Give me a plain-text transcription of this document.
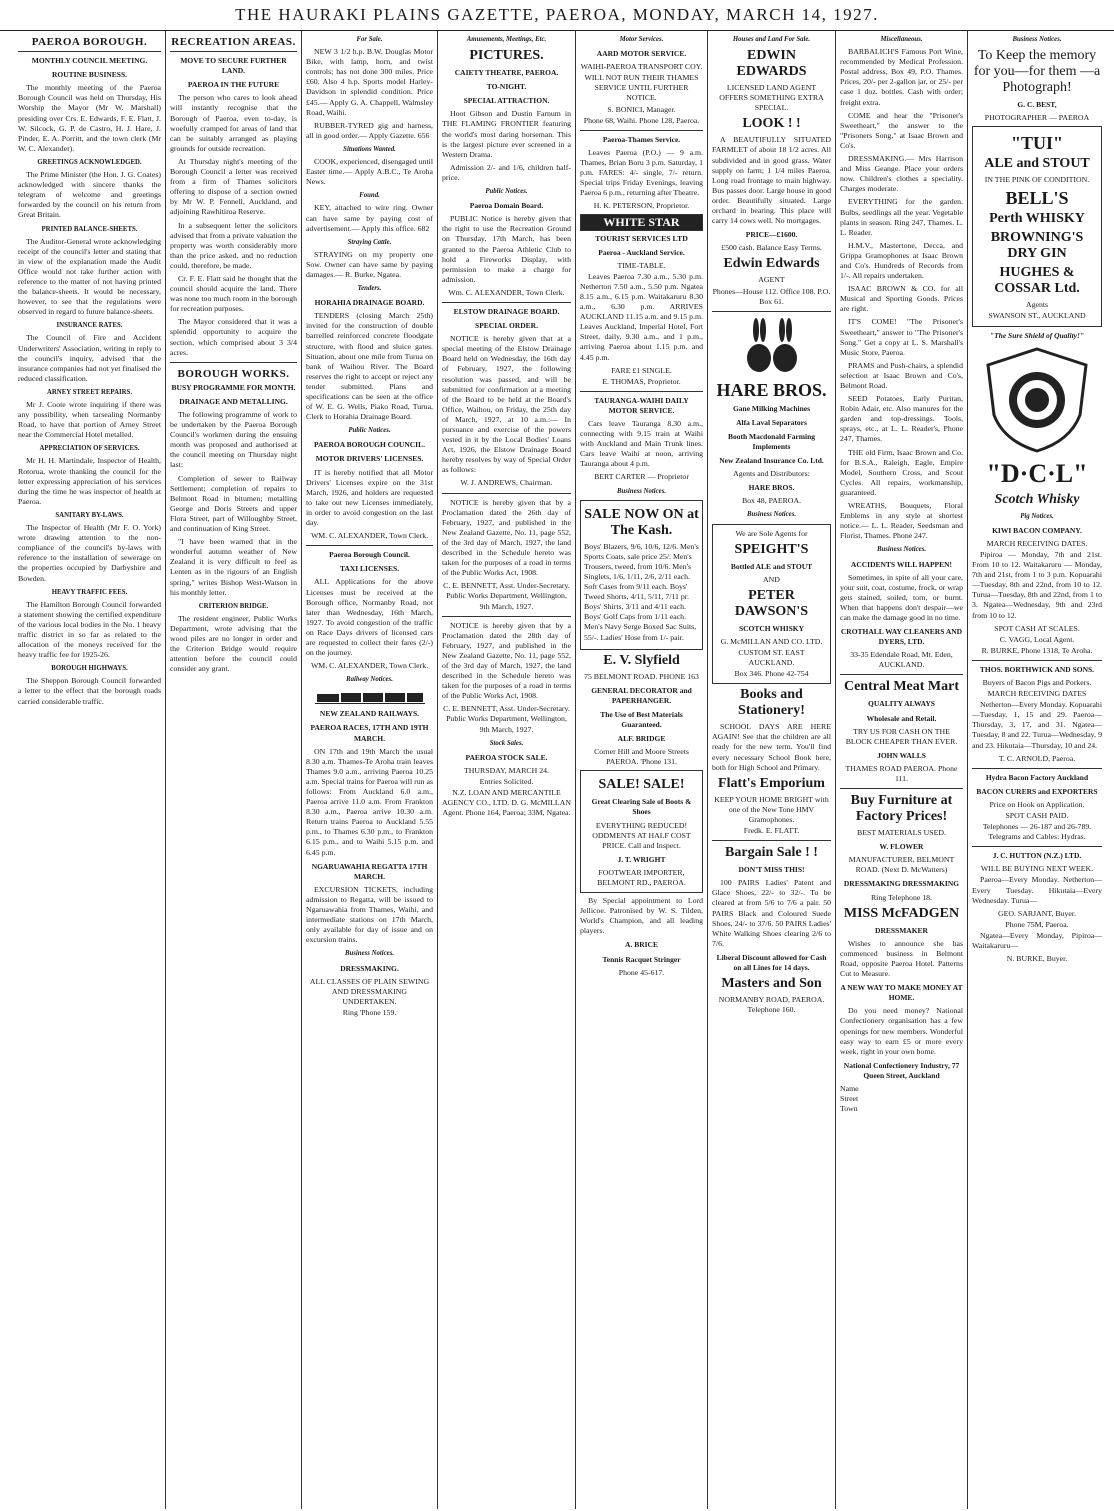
THE HAURAKI PLAINS GAZETTE, PAEROA, MONDAY, MARCH 14, 1927.
PAEROA BOROUGH.
MONTHLY COUNCIL MEETING.
ROUTINE BUSINESS.

The monthly meeting of the Paeroa Borough Council was held on Thursday, His Worship the Mayor (Mr W. Marshall) presiding over Crs. E. Edwards, F. E. Flatt, J. W. Silcock, G. P. de Castro, H. J. Hare, J. Pinder, E. A. Porritt, and the town clerk (Mr W. C. Alexander).

GREETINGS ACKNOWLEDGED.

The Prime Minister (the Hon. J. G. Coates) acknowledged with sincere thanks the telegram of welcome and greetings forwarded by the council on his return from Great Britain.

PRINTED BALANCE-SHEETS.

The Auditor-General wrote acknowledging receipt of the council's letter and stating that in view of the explanation made the Audit Office would not take further action with reference to the matter of not having printed the balance-sheets. It would be necessary, however, to see that the regulations were observed in regard to future balance-sheets.

INSURANCE RATES.

The Council of Fire and Accident Underwriters' Association, writing in reply to the council's inquiry, advised that the insurance companies had not yet finalised the reduced classification.

ARNEY STREET REPAIRS.

Mr J. Coote wrote inquiring if there was any possibility, when tarsealing Normanby Road, to have that portion of Arney Street near the Commercial Hotel metalled.

APPRECIATION OF SERVICES.

Mr H. H. Martindale, Inspector of Health, Rotorua, wrote thanking the council for the letter expressing appreciation of his services during the time he was inspector of health at Paeroa.

SANITARY BY-LAWS.

The Inspector of Health (Mr F. O. York) wrote drawing attention to the non-compliance of the council's by-laws with reference to the installation of sewerage on the properties occupied by Darbyshire and Bowden.

HEAVY TRAFFIC FEES.

The Hamilton Borough Council forwarded a statement showing the certified expenditure of the various local bodies in the No. 1 heavy traffic district in so far as related to the allocation of the moneys received for the heavy traffic fee for 1925-26.

BOROUGH HIGHWAYS.

The Sheppon Borough Council forwarded a letter to the effect that the borough roads carried considerable traffic.

RECREATION AREAS.
MOVE TO SECURE FURTHER LAND.
PAEROA IN THE FUTURE

The person who cares to look ahead will instantly recognise that the Borough of Paeroa, even to-day, is woefully cramped for areas of land that can be suitably arranged as playing grounds for outside recreation.

At Thursday night's meeting of the Borough Council a letter was received from a firm of Thames solicitors offering to dispose of a section owned by Mr W. P. Fennell, Auckland, and adjoining Rawhitiroa Reserve.

In a subsequent letter the solicitors advised that from a private valuation the property was worth considerably more than the price asked, and no reduction could, therefore, be made.

Cr. F. E. Flatt said he thought that the council should acquire the land. There was none too much room in the borough for recreation purposes.

The Mayor considered that it was a splendid opportunity to acquire the section, which comprised about 3 3/4 acres.

BOROUGH WORKS.
BUSY PROGRAMME FOR MONTH.
DRAINAGE AND METALLING.

The following programme of work to be undertaken by the Paeroa Borough Council's workmen during the ensuing month was proposed and authorised at the council meeting on Thursday night last:

Completion of sewer to Railway Settlement; completion of repairs to Belmont Road in bitumen; metalling George and Doris Streets and upper Flora Street, part of Willoughby Street, and continuation of King Street.

"I have been warned that in the wonderful autumn weather of New Zealand it is very difficult to feel as Lenten as in the rigours of an English spring," writes Bishop West-Watson in his monthly letter.

CRITERION BRIDGE.

The resident engineer, Public Works Department, wrote advising that the wood piles are no longer in order and the Criterion Bridge would require attention before the council could consider any grant.

For Sale.

NEW 3 1/2 h.p. B.W. Douglas Motor Bike, with lamp, horn, and twist controls; has not done 300 miles. Price £60. Also 4 h.p. Sports model Harley-Davidson in splendid condition. Price £45.— Apply G. A. Chappell, Walmsley Road, Waihi.

RUBBER-TYRED gig and harness, all in good order.— Apply Gazette. 656

Situations Wanted.

COOK, experienced, disengaged until Easter time.— Apply A.B.C., Te Aroha News.

Found.

KEY, attached to wire ring. Owner can have same by paying cost of advertisement.— Apply this office. 682

Straying Cattle.

STRAYING on my property one Sow. Owner can have same by paying damages.— R. Burke, Ngatea.

Tenders.
HORAHIA DRAINAGE BOARD.

TENDERS (closing March 25th) invited for the construction of double barrelled reinforced concrete floodgate structure, with flood and sluice gates. Situation, about one mile from Turua on bank of Waihou River. The Board reserves the right to accept or reject any tender submitted. Plans and specifications can be seen at the office of W. E. G. Wells, Piako Road, Turua, Clerk to Horahia Drainage Board.

Public Notices.
PAEROA BOROUGH COUNCIL.
MOTOR DRIVERS' LICENSES.

IT is hereby notified that all Motor Drivers' Licenses expire on the 31st March, 1926, and holders are requested to take out new Licenses immediately, in order to avoid congestion on the last day.

WM. C. ALEXANDER, Town Clerk.
Paeroa Borough Council.
TAXI LICENSES.

ALL Applications for the above Licenses must be received at the Borough office, Normanby Road, not later than Wednesday, 16th March, 1927. To avoid congestion of the traffic on Race Days drivers of licensed cars are requested to collect their fares (2/-) on the journey.

WM. C. ALEXANDER, Town Clerk.
Railway Notices.
NEW ZEALAND RAILWAYS.
PAEROA RACES, 17TH AND 19TH MARCH.

ON 17th and 19th March the usual 8.30 a.m. Thames-Te Aroha train leaves Thames 9.0 a.m., arriving Paeroa 10.25 a.m. Special trains for Paeroa will run as follows: From Auckland 6.0 a.m., Paeroa arrive 11.0 a.m. From Frankton 8.30 a.m., Paeroa arrive 10.30 a.m. Return trains Paeroa to Auckland 5.55 p.m., to Thames 6.30 p.m., to Frankton 6.15 p.m., and to Waihi 5.15 p.m. and 6.45 p.m.

NGARUAWAHIA REGATTA 17TH MARCH.

EXCURSION TICKETS, including admission to Regatta, will be issued to Ngaruawahia from Thames, Waihi, and intermediate stations on 17th March, only available for day of issue and on excursion trains.

Business Notices.
DRESSMAKING.
ALL CLASSES OF PLAIN SEWING AND DRESSMAKING UNDERTAKEN.
Ring 'Phone 159.
Amusements, Meetings, Etc.
PICTURES.
CAIETY THEATRE, PAEROA.
TO-NIGHT.
SPECIAL ATTRACTION.

Hoot Gibson and Dustin Farnum in THE FLAMING FRONTIER featuring the world's most daring horseman. This is the largest picture ever screened in a Western Drama.

Admission 2/- and 1/6, children half-price.

Public Notices.
Paeroa Domain Board.

PUBLIC Notice is hereby given that the right to use the Recreation Ground on Thursday, 17th March, has been granted to the Paeroa Athletic Club to hold a Fireworks Display, with permission to make a charge for admission.

Wm. C. ALEXANDER, Town Clerk.
ELSTOW DRAINAGE BOARD.
SPECIAL ORDER.

NOTICE is hereby given that at a special meeting of the Elstow Drainage Board held on Wednesday, the 16th day of February, 1927, the following resolution was passed, and will be submitted for confirmation at a meeting of the Board to be held at the Board's Office, Waihou, on Friday, the 25th day of March, 1927, at 10 a.m.:— In pursuance and exercise of the powers vested in it by the Local Bodies' Loans Act, 1926, the Elstow Drainage Board hereby resolves by way of Special Order as follows:

W. J. ANDREWS, Chairman.

NOTICE is hereby given that by a Proclamation dated the 26th day of February, 1927, and published in the New Zealand Gazette, No. 11, page 552, of the 3rd day of March, 1927, the land described in the Schedule hereto was taken for the purposes of a road in terms of the Public Works Act, 1908.

C. E. BENNETT, Asst. Under-Secretary. Public Works Department, Wellington, 9th March, 1927.

NOTICE is hereby given that by a Proclamation dated the 28th day of February, 1927, and published in the New Zealand Gazette, No. 11, page 552, of the 3rd day of March, 1927, the land described in the Schedule hereto was taken for the purposes of a road in terms of the Public Works Act, 1908.

C. E. BENNETT, Asst. Under-Secretary. Public Works Department, Wellington, 9th March, 1927.
Stock Sales.
PAEROA STOCK SALE.
THURSDAY, MARCH 24.
Entries Solicited.
N.Z. LOAN AND MERCANTILE AGENCY CO., LTD. D. G. McMILLAN Agent. Phone 164, Paeroa; 33M, Ngatea.
Motor Services.
AARD MOTOR SERVICE.
WAIHI-PAEROA TRANSPORT COY.
WILL NOT RUN THEIR THAMES SERVICE UNTIL FURTHER NOTICE.
S. BONICI, Manager.
Phone 68, Waihi. Phone 128, Paeroa.
Paeroa-Thames Service.

Leaves Paeroa (P.O.) — 9 a.m. Thames, Brian Boru 3 p.m. Saturday, 1 p.m. FARES: 4/- single, 7/- return. Special trips Friday Evenings, leaving Paeroa 6 p.m., returning after Theatre.

H. K. PETERSON, Proprietor.
WHITE STAR
TOURIST SERVICES LTD
Paeroa - Auckland Service.
TIME-TABLE.

Leaves Paeroa 7.30 a.m., 5.30 p.m. Netherton 7.50 a.m., 5.50 p.m. Ngatea 8.15 a.m., 6.15 p.m. Waitakaruru 8.30 a.m., 6.30 p.m. ARRIVES AUCKLAND 11.15 a.m. and 9.15 p.m. Leaves Auckland, Imperial Hotel, Fort Street, daily, 9.30 a.m., and 1 p.m., arriving Paeroa about 1.15 p.m. and 4.45 p.m.

FARE £1 SINGLE.
E. THOMAS, Proprietor.
TAURANGA-WAIHI DAILY MOTOR SERVICE.

Cars leave Tauranga 8.30 a.m., connecting with 9.15 train at Waihi with Auckland and Main Trunk lines. Cars leave Waihi at noon, arriving Tauranga about 4 p.m.

BERT CARTER — Proprietor
Business Notices.
SALE NOW ON at The Kash.

Boys' Blazers, 9/6, 10/6, 12/6. Men's Sports Coats, sale price 25/. Men's Trousers, tweed, from 10/6. Men's Singlets, 1/6, 1/11, 2/6, 2/11 each. Soft Cases from 9/11 each. Boys' Tweed Shorts, 4/11, 5/11, 7/11 pr. Boys' Shirts, 3/11 and 4/11 each. Boys' Golf Caps from 1/11 each. Men's Navy Serge Boxed Sac Suits, 55/-. Ladies' Hose from 1/- pair.

E. V. Slyfield
75 BELMONT ROAD. PHONE 163
GENERAL DECORATOR and PAPERHANGER.
The Use of Best Materials Guaranteed.
ALF. BRIDGE
Corner Hill and Moore Streets PAEROA. 'Phone 131.
SALE! SALE!
Great Clearing Sale of Boots & Shoes
EVERYTHING REDUCED! ODDMENTS AT HALF COST PRICE. Call and Inspect.
J. T. WRIGHT
FOOTWEAR IMPORTER, BELMONT RD., PAEROA.

By Special appointment to Lord Jellicoe. Patronised by W. S. Tilden, World's Champion, and all leading players.

A. BRICE
Tennis Racquet Stringer
Phone 45-617.
Houses and Land For Sale.
EDWIN EDWARDS
LICENSED LAND AGENT OFFERS SOMETHING EXTRA SPECIAL.
LOOK ! !

A BEAUTIFULLY SITUATED FARMLET of about 18 1/2 acres. All subdivided and in good grass. Water supply on farm; 1 1/4 miles Paeroa. Long road frontage to main highway. Bus passes door. Large house in good order. Beautifully situated. Large orchard in bearing. This place will carry 14 cows well. No mortgages.

PRICE—£1600.
£500 cash. Balance Easy Terms.
Edwin Edwards
AGENT
Phones—House 112. Office 108. P.O. Box 61.
HARE BROS.
Gane Milking Machines
Alfa Laval Separators
Booth Macdonald Farming Implements
New Zealand Insurance Co. Ltd.
Agents and Distributors:
HARE BROS.
Box 48, PAEROA.
Business Notices.
We are Sole Agents for
SPEIGHT'S
Bottled ALE and STOUT
AND
PETER DAWSON'S
SCOTCH WHISKY
G. McMILLAN AND CO. LTD.
CUSTOM ST. EAST AUCKLAND.
Box 346. Phone 42-754
Books and Stationery!

SCHOOL DAYS ARE HERE AGAIN! See that the children are all ready for the new term. You'll find every necessary School Book here, both for High School and Primary.

Flatt's Emporium
KEEP YOUR HOME BRIGHT with one of the New Tone HMV Gramophones.
Fredk. E. FLATT.
Bargain Sale ! !
DON'T MISS THIS!

100 PAIRS Ladies' Patent and Glace Shoes, 22/- to 32/-. To be cleared at from 5/6 to 7/6 a pair. 50 PAIRS Black and Coloured Suede Shoes, 24/- to 37/6. 50 PAIRS Ladies' White Walking Shoes clearing 2/6 to 7/6.

Liberal Discount allowed for Cash on all Lines for 14 days.
Masters and Son
NORMANBY ROAD, PAEROA. Telephone 160.
Miscellaneous.

BARBALICH'S Famous Port Wine, recommended by Medical Profession. Postal address, Box 49, P.O. Thames. Prices, 20/- per 2-gallon jar, or 25/- per case 1 doz. bottles. Cash with order; freight extra.

COME and hear the "Prisoner's Sweetheart," the answer to the "Prisoners Song," at Isaac Brown and Co's.

DRESSMAKING.— Mrs Harrison and Miss Geange. Place your orders now. Children's clothes a speciality. Charges moderate.

EVERYTHING for the garden. Bulbs, seedlings all the year. Vegetable plants in season. Ring 247, Thames. L. L. Reader.

H.M.V., Mastertone, Decca, and Grippa Gramophones at Isaac Brown and Co's. Hundreds of Records from 1/-. All repairs undertaken.

ISAAC BROWN & CO. for all Musical and Sporting Goods. Prices are right.

IT'S COME! "The Prisoner's Sweetheart," answer to "The Prisoner's Song." Get a copy at L. S. Marshall's Music Store, Paeroa.

PRAMS and Push-chairs, a splendid selection at Isaac Brown and Co's, Belmont Road.

SEED Potatoes, Early Puritan, Robin Adair, etc. Also manures for the garden and top-dressings. Tools, sprays, etc., at L. L. Reader's, Phone 247, Thames.

THE old Firm, Isaac Brown and Co. for B.S.A., Raleigh, Eagle, Empire Model, Southern Cross, and Scout Cycles. All repairs, workmanship, guaranteed.

WREATHS, Bouquets, Floral Emblems in any style at shortest notice.— L. L. Reader, Seedsman and Florist, Thames. Phone 247.

Business Notices.
ACCIDENTS WILL HAPPEN!

Sometimes, in spite of all your care, your suit, coat, costume, frock, or wrap gets stained, soiled, torn, or burnt. When that happens don't despair—we can make the damage good in no time.

CROTHALL WAY CLEANERS AND DYERS, LTD.
33-35 Edendale Road, Mt. Eden, AUCKLAND.
Central Meat Mart
QUALITY ALWAYS
Wholesale and Retail.
TRY US FOR CASH ON THE BLOCK CHEAPER THAN EVER.
JOHN WALLS
THAMES ROAD PAEROA. Phone 111.
Buy Furniture at Factory Prices!
BEST MATERIALS USED.
W. FLOWER
MANUFACTURER, BELMONT ROAD. (Next D. McWatters)
DRESSMAKING DRESSMAKING
Ring Telephone 18.
MISS McFADGEN
DRESSMAKER

Wishes to announce she has commenced business in Belmont Road, opposite Paeroa Hotel. Patterns Cut to Measure.

A NEW WAY TO MAKE MONEY AT HOME.

Do you need money? National Confectionery organisation has a few openings for new members. Wonderful easy way to earn £5 or more every week, right in your own home.

National Confectionery Industry, 77 Queen Street, Auckland
Name
Street
Town
Business Notices.
To Keep the memory for you—for them —a Photograph!
G. C. BEST,
PHOTOGRAPHER — PAEROA
"TUI"
ALE and STOUT
IN THE PINK OF CONDITION.
BELL'S
Perth WHISKY
BROWNING'S DRY GIN
HUGHES & COSSAR Ltd.
Agents
SWANSON ST., AUCKLAND
"The Sure Shield of Quality!"
"D·C·L"
Scotch Whisky
Pig Notices.
KIWI BACON COMPANY.
MARCH RECEIVING DATES.

Pipiroa — Monday, 7th and 21st. From 10 to 12. Waitakaruru — Monday, 7th and 21st, from 1 to 3 p.m. Kopuarahi—Tuesday, 8th and 22nd, from 10 to 12. Turua—Tuesday, 8th and 22nd, from 1 to 3. Ngatea—Wednesday, 9th and 23rd from 10 to 12.

SPOT CASH AT SCALES.
C. VAGG, Local Agent.
R. BURKE, Phone 1318, Te Aroha.
THOS. BORTHWICK AND SONS.
Buyers of Bacon Pigs and Porkers.
MARCH RECEIVING DATES

Netherton—Every Monday. Kopuarahi—Tuesday, 1, 15 and 29. Paeroa—Thursday, 3, 17, and 31. Ngatea—Tuesday, 8 and 22. Turua—Wednesday, 9 and 23. Hikutaia—Thursday, 10 and 24.

T. C. ARNOLD, Paeroa.
Hydra Bacon Factory Auckland
BACON CURERS and EXPORTERS
Price on Hook on Application.
SPOT CASH PAID.
Telephones — 26-187 and 26-789. Telegrams and Cables: Hydras.
J. C. HUTTON (N.Z.) LTD.
WILL BE BUYING NEXT WEEK.

Paeroa—Every Monday. Netherton—Every Tuesday. Hikutaia—Every Wednesday. Turua—

GEO. SARJANT, Buyer.
Phone 75M, Paeroa.

Ngatea—Every Monday, Pipiroa— Waitakaruru—

N. BURKE, Buyer.
